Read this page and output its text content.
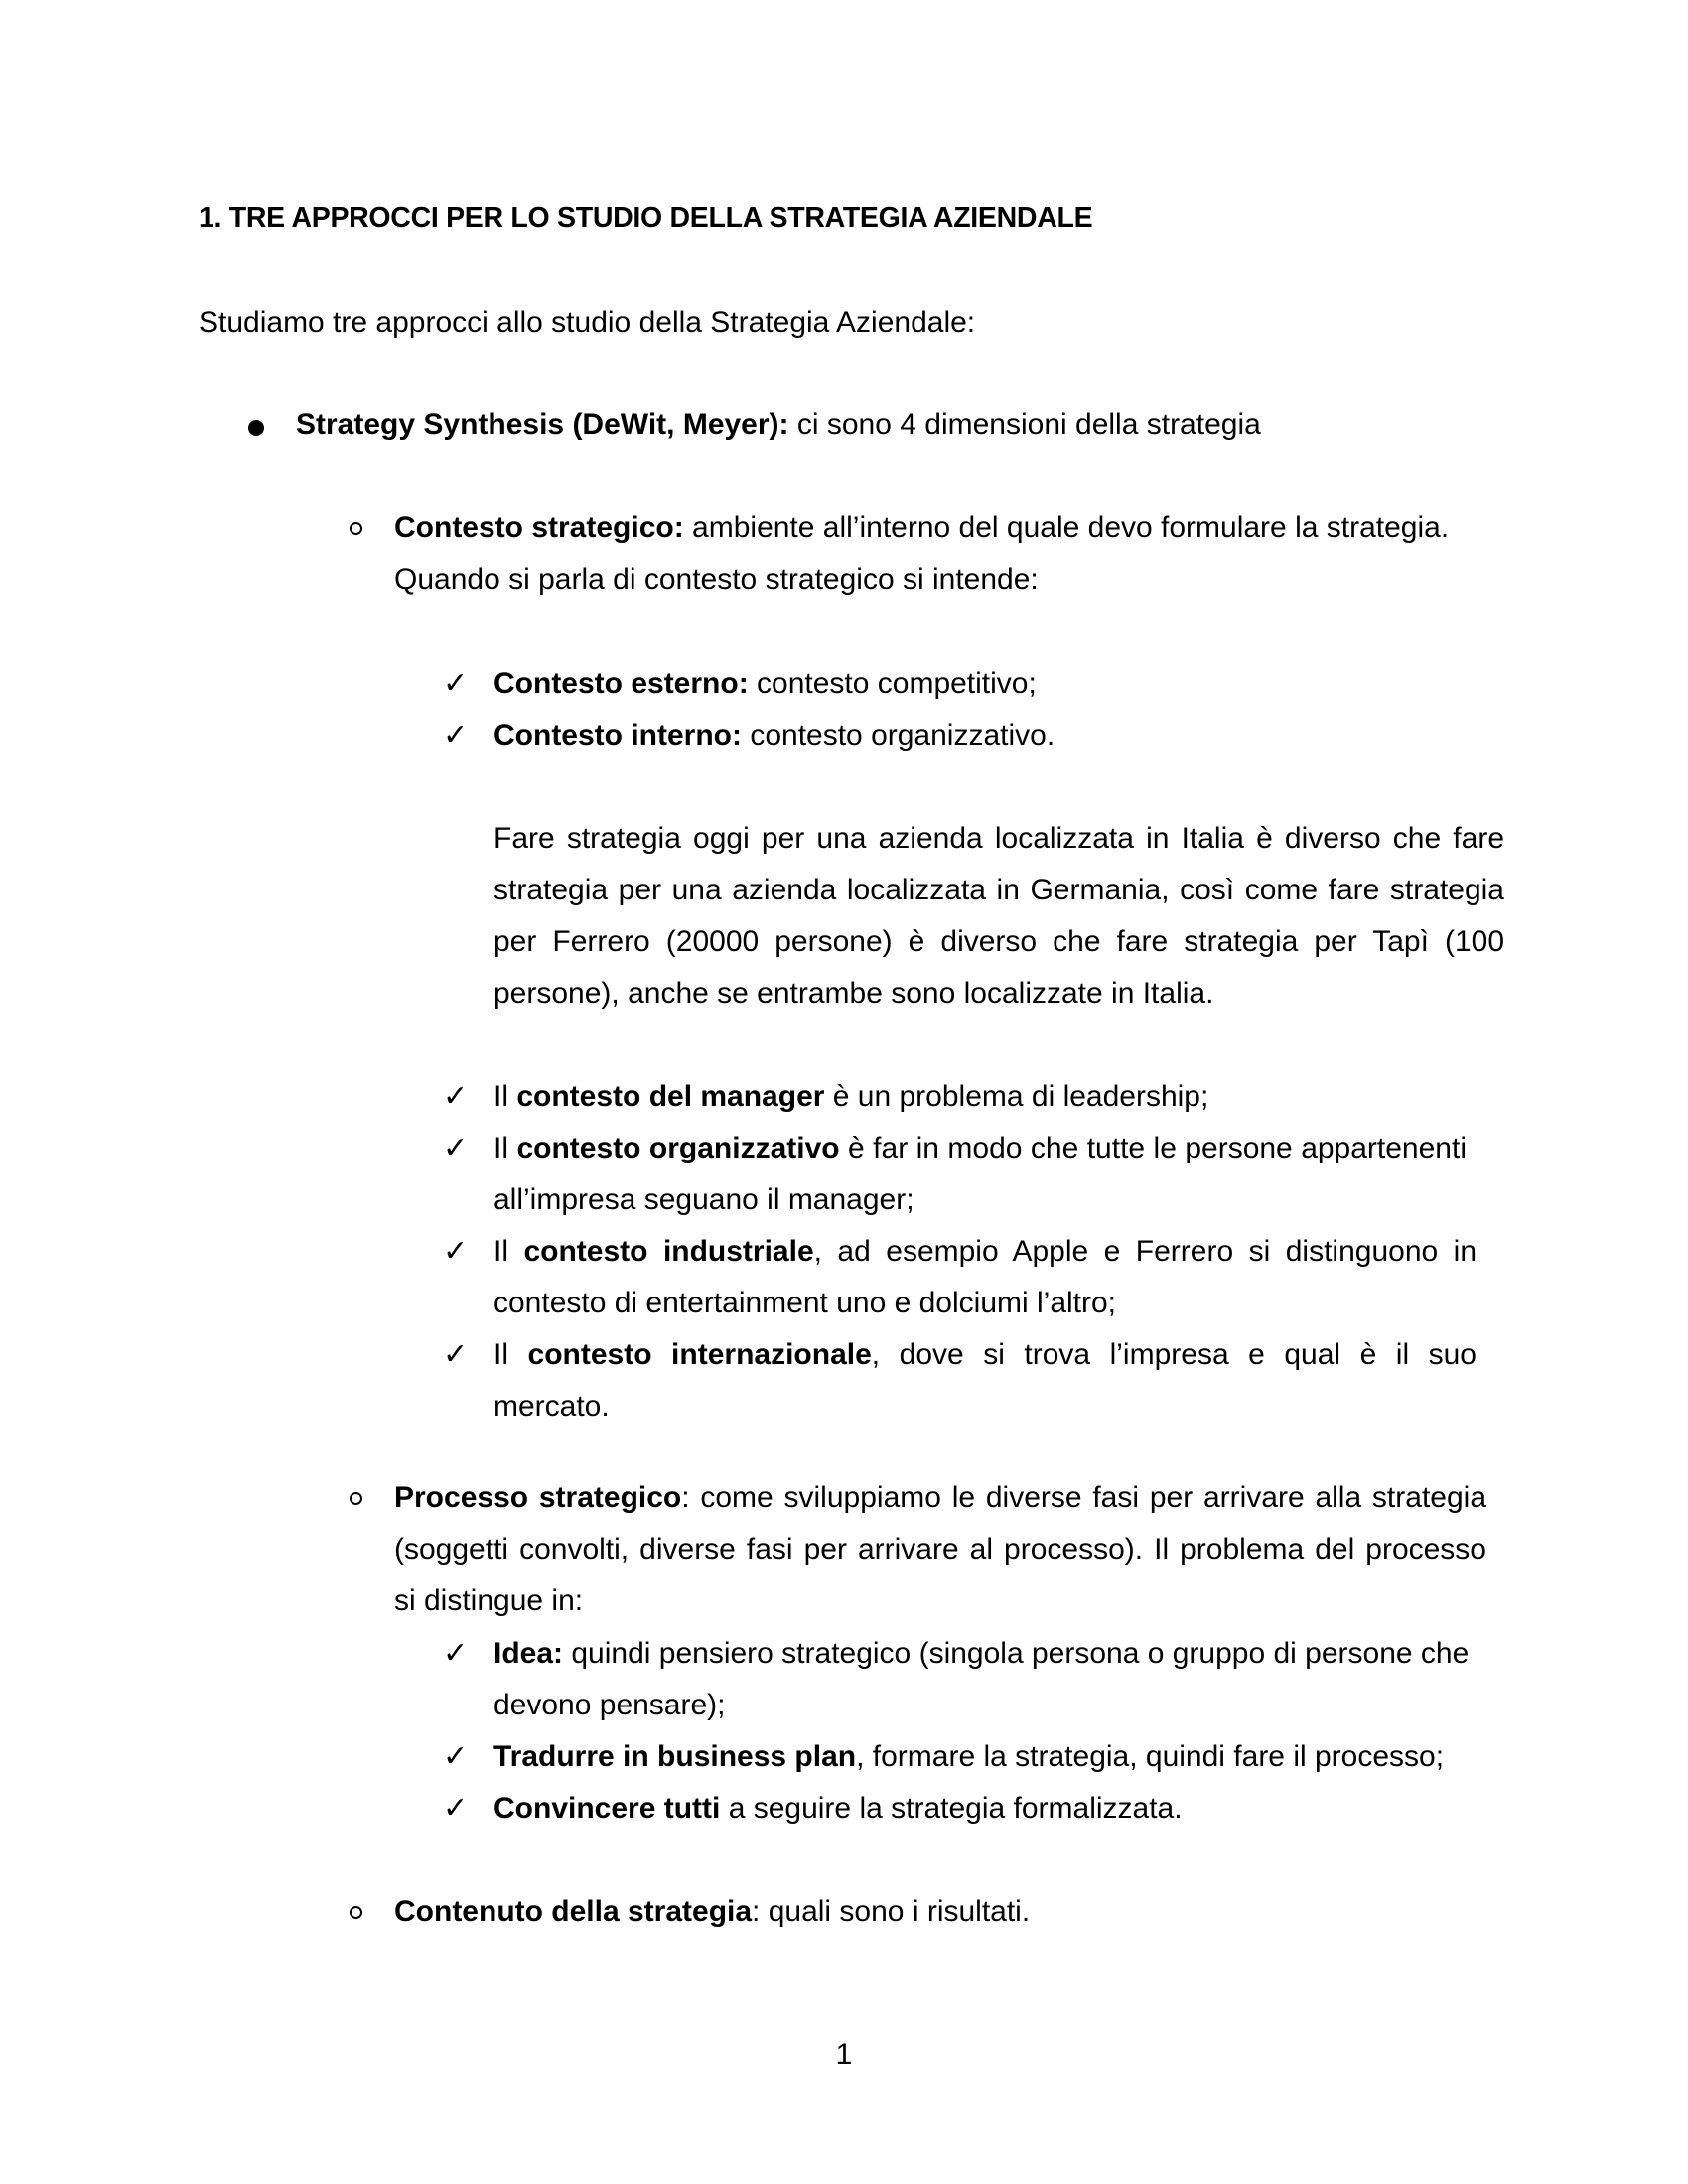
1. TRE APPROCCI PER LO STUDIO DELLA STRATEGIA AZIENDALE
Studiamo tre approcci allo studio della Strategia Aziendale:
Strategy Synthesis (DeWit, Meyer): ci sono 4 dimensioni della strategia
Contesto strategico: ambiente all’interno del quale devo formulare la strategia. Quando si parla di contesto strategico si intende:
✓ Contesto esterno: contesto competitivo;
✓ Contesto interno: contesto organizzativo.
Fare strategia oggi per una azienda localizzata in Italia è diverso che fare strategia per una azienda localizzata in Germania, così come fare strategia per Ferrero (20000 persone) è diverso che fare strategia per Tapì (100 persone), anche se entrambe sono localizzate in Italia.
✓ Il contesto del manager è un problema di leadership;
✓ Il contesto organizzativo è far in modo che tutte le persone appartenenti all’impresa seguano il manager;
✓ Il contesto industriale, ad esempio Apple e Ferrero si distinguono in contesto di entertainment uno e dolciumi l’altro;
✓ Il contesto internazionale, dove si trova l’impresa e qual è il suo mercato.
Processo strategico: come sviluppiamo le diverse fasi per arrivare alla strategia (soggetti convolti, diverse fasi per arrivare al processo). Il problema del processo si distingue in:
✓ Idea: quindi pensiero strategico (singola persona o gruppo di persone che devono pensare);
✓ Tradurre in business plan, formare la strategia, quindi fare il processo;
✓ Convincere tutti a seguire la strategia formalizzata.
Contenuto della strategia: quali sono i risultati.
1
